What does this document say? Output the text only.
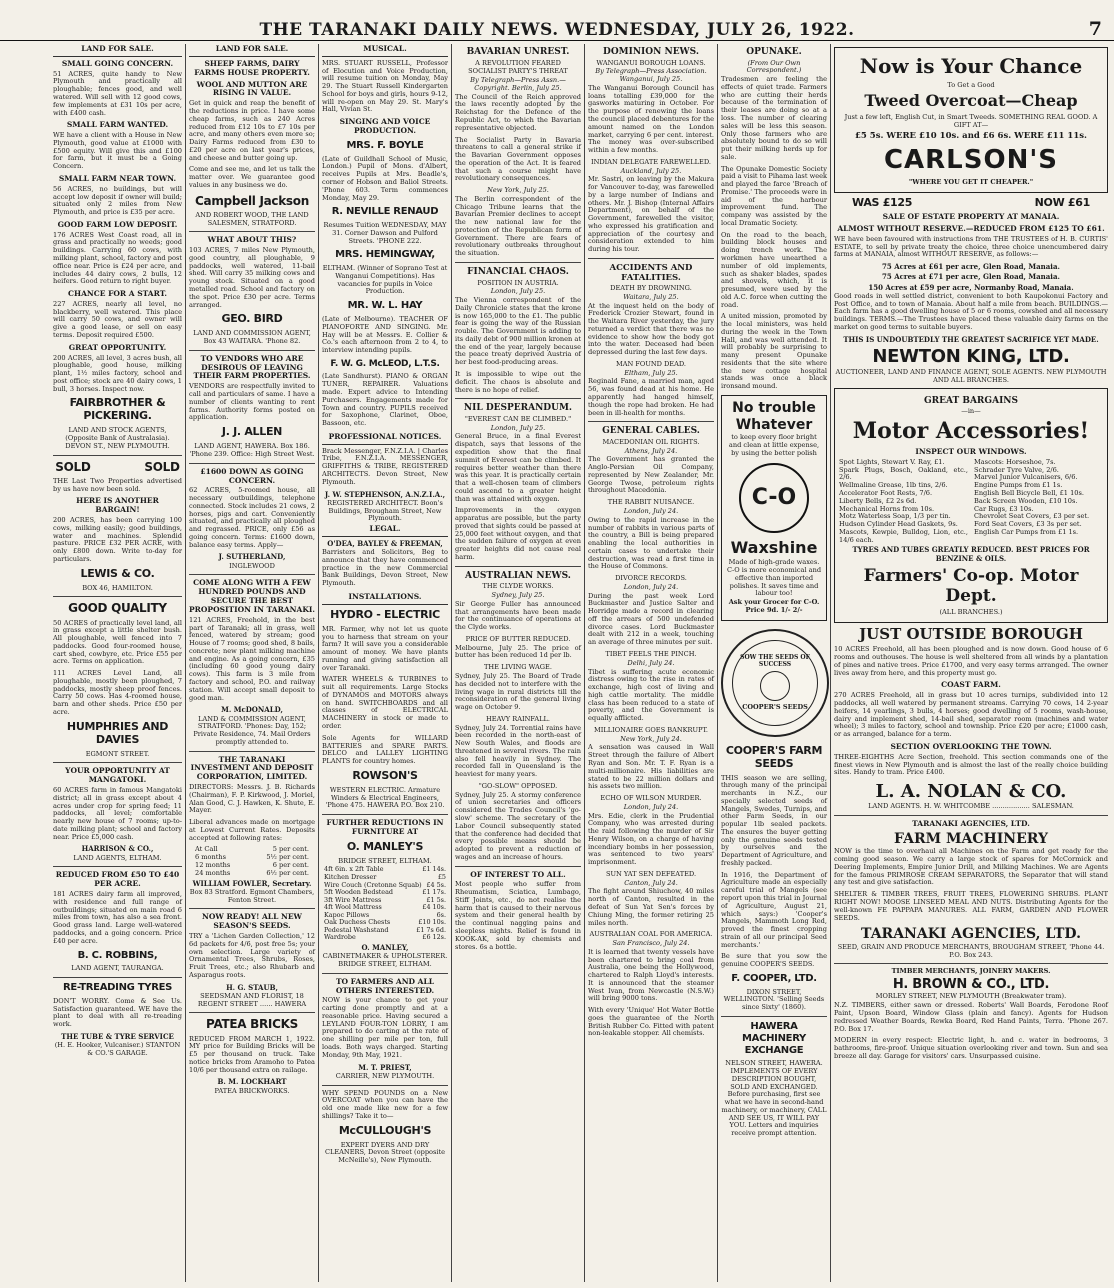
THE TARANAKI DAILY NEWS. WEDNESDAY, JULY 26, 1922.	7
LAND FOR SALE.
SMALL GOING CONCERN.
51 ACRES, quite handy to New Plymouth and practically all ploughable; fences good, and well watered. Will sell with 12 good cows, few implements at £31 10s per acre, with £400 cash.
SMALL FARM WANTED.
WE have a client with a House in New Plymouth, good value at £1000 with £500 equity. Will give this and £100 for farm, but it must be a Going Concern.
SMALL FARM NEAR TOWN.
56 ACRES, no buildings, but will accept low deposit if owner will build; situated only 2 miles from New Plymouth, and price is £35 per acre.
GOOD FARM LOW DEPOSIT.
176 ACRES West Coast road, all in grass and practically no weeds; good buildings. Carrying 60 cows, with milking plant, school, factory and post office near. Price is £24 per acre, and includes 44 dairy cows, 2 bulls, 12 heifers. Good return to right buyer.
CHANCE FOR A START.
227 ACRES, nearly all level, no blackberry, well watered. This place will carry 50 cows, and owner will give a good lease, or sell on easy terms. Deposit required £500.
GREAT OPPORTUNITY.
200 ACRES, all level, 3 acres bush, all ploughable, good house, milking plant, 1½ miles factory, school and post office; stock are 40 dairy cows, 1 bull, 3 horses. Inspect now.
FAIRBROTHER & PICKERING.
LAND AND STOCK AGENTS, (Opposite Bank of Australasia). DEVON ST., NEW PLYMOUTH.
SOLD SOLD
THE Last Two Properties advertised by us have now been sold.
HERE IS ANOTHER BARGAIN!
200 ACRES, has been carrying 100 cows, milking easily; good buildings, water and machines. Splendid pasture. PRICE £32 PER ACRE, with only £800 down. Write to-day for particulars.
LEWIS & CO.
BOX 46, HAMILTON.
GOOD QUALITY
50 ACRES of practically level land, all in grass except a little shelter bush. All ploughable, well fenced into 7 paddocks. Good four-roomed house, cart shed, cowbyre, etc. Price £55 per acre. Terms on application.
111 ACRES Level Land, all ploughable, mostly been ploughed, 7 paddocks, mostly sheep proof fences. Carry 50 cows. Has 4-roomed house, barn and other sheds. Price £50 per acre.
HUMPHRIES AND DAVIES
EGMONT STREET.
YOUR OPPORTUNITY AT MANGATOKI.
60 ACRES farm in famous Mangatoki district; all in grass except about 4 acres under crop for spring feed; 11 paddocks, all level; comfortable nearly new house of 7 rooms; up-to-date milking plant; school and factory near. Price £5,000 cash.
HARRISON & CO.,
LAND AGENTS, ELTHAM.
REDUCED FROM £50 TO £40 PER ACRE.
181 ACRES dairy farm all improved, with residence and full range of outbuildings; situated on main road 6 miles from town, has also a sea front. Good grass land. Large well-watered paddocks, and a going concern. Price £40 per acre.
B. C. ROBBINS,
LAND AGENT, TAURANGA.
RE-TREADING TYRES
DON'T WORRY. Come & See Us. Satisfaction guaranteed. WE have the plant to deal with all re-treading work.
THE TUBE & TYRE SERVICE
(H. E. Hooker, Vulcaniser.) STANTON & CO.'S GARAGE.
LAND FOR SALE.
SHEEP FARMS, DAIRY FARMS HOUSE PROPERTY.
WOOL AND MUTTON ARE RISING IN VALUE.
Get in quick and reap the benefit of the reductions in price. I have some cheap farms, such as 240 Acres reduced from £12 10s to £7 10s per acre, and many others even more so; Dairy Farms reduced from £30 to £20 per acre on last year's prices, and cheese and butter going up.
Come and see me, and let us talk the matter over. We guarantee good values in any business we do.
Campbell Jackson
AND ROBERT WOOD, THE LAND SALESMEN, STRATFORD.
WHAT ABOUT THIS?
103 ACRES, 7 miles New Plymouth, good country, all ploughable, 9 paddocks, well watered, 11-bail shed. Will carry 35 milking cows and young stock. Situated on a good metalled road. School and factory on the spot. Price £30 per acre. Terms arranged.
GEO. BIRD
LAND AND COMMISSION AGENT, Box 43 WAITARA. 'Phone 82.
TO VENDORS WHO ARE DESIROUS OF LEAVING THEIR FARM PROPERTIES.
VENDORS are respectfully invited to call and particulars of same. I have a number of clients wanting to rent farms. Authority forms posted on application.
J. J. ALLEN
LAND AGENT, HAWERA. Box 186. 'Phone 239. Office: High Street West.
£1600 DOWN AS GOING CONCERN.
62 ACRES, 5-roomed house, all necessary outbuildings, telephone connected. Stock includes 21 cows, 2 horses, pigs and cart. Conveniently situated, and practically all ploughed and regrassed. PRICE, only £56 as going concern. Terms: £1600 down, balance easy terms. Apply—
J. SUTHERLAND,
INGLEWOOD
COME ALONG WITH A FEW HUNDRED POUNDS AND SECURE THE BEST PROPOSITION IN TARANAKI.
121 ACRES, Freehold, in the best part of Taranaki; all in grass, well fenced, watered by stream; good House of 7 rooms; good shed, 8 bails, concrete; new plant milking machine and engine. As a going concern, £35 (including 60 good young dairy cows). This farm is 3 mile from factory and school, P.O. and railway station. Will accept small deposit to good man.
M. McDONALD,
LAND & COMMISSION AGENT, STRATFORD. 'Phones: Day, 152; Private Residence, 74. Mail Orders promptly attended to.
THE TARANAKI INVESTMENT AND DEPOSIT CORPORATION, LIMITED.
DIRECTORS: Messrs. J. B. Richards (Chairman), F. P. Kirkwood, J. Moriel, Alan Good, C. J. Hawken, K. Shute, E. Mayer.
Liberal advances made on mortgage at Lowest Current Rates. Deposits accepted at following rates:
At Call	5 per cent.
6 months	5½ per cent.
12 months	6 per cent.
24 months	6½ per cent.
WILLIAM FOWLER, Secretary.
Box 83 Stratford. Egmont Chambers, Fenton Street.
NOW READY! ALL NEW SEASON'S SEEDS.
TRY a 'Lichen Garden Collection,' 12 6d packets for 4/6, post free 5s; your own selection. Large variety of Ornamental Trees, Shrubs, Roses, Fruit Trees, etc.; also Rhubarb and Asparagus roots.
H. G. STAUB,
SEEDSMAN AND FLORIST, 18 REGENT STREET ...... HAWERA
PATEA BRICKS
REDUCED FROM MARCH 1, 1922. MY price for Building Bricks will be £5 per thousand on truck. Take notice bricks from Aramoho to Patea 10/6 per thousand extra on railage.
B. M. LOCKHART
PATEA BRICKWORKS.
MUSICAL.
MRS. STUART RUSSELL, Professor of Elocution and Voice Production, will resume tuition on Monday, May 29. The Stuart Russell Kindergarten School for boys and girls, hours 9-12, will re-open on May 29. St. Mary's Hall, Vivian St.
SINGING AND VOICE PRODUCTION.
MRS. F. BOYLE
(Late of Guildhall School of Music, London.) Pupil of Mons. d'Albert, receives Pupils at Mrs. Beadle's, corner of Hobson and Baliol Streets. 'Phone 603. Term commences Monday, May 29.
R. NEVILLE RENAUD
Resumes Tuition WEDNESDAY, MAY 31. Corner Dawson and Pulford Streets. 'PHONE 222.
MRS. HEMINGWAY,
ELTHAM. (Winner of Soprano Test at Wanganui Competitions). Has vacancies for pupils in Voice Production.
MR. W. L. HAY
(Late of Melbourne). TEACHER OF PIANOFORTE AND SINGING. Mr. Hay will be at Messrs. E. Collier & Co.'s each afternoon from 2 to 4, to interview intending pupils.
F. W. G. McLEOD, L.T.S.
(Late Sandhurst). PIANO & ORGAN TUNER, REPAIRER. Valuations made. Expert advice to Intending Purchasers. Engagements made for Town and country. PUPILS received for Saxophone, Clarinet, Oboe, Bassoon, etc.
PROFESSIONAL NOTICES.
Brack Messenger, F.N.Z.I.A. | Charles Tribe, F.N.Z.I.A. MESSENGER, GRIFFITHS & TRIBE, REGISTERED ARCHITECTS. Devon Street, New Plymouth.
J. W. STEPHENSON, A.N.Z.I.A.,
REGISTERED ARCHITECT. Boon's Buildings, Brougham Street, New Plymouth.
LEGAL.
O'DEA, BAYLEY & FREEMAN,
Barristers and Solicitors, Beg to announce that they have commenced practice in the new Commercial Bank Buildings, Devon Street, New Plymouth.
INSTALLATIONS.
HYDRO - ELECTRIC
MR. Farmer, why not let us quote you to harness that stream on your farm? It will save you a considerable amount of money. We have plants running and giving satisfaction all over Taranaki.
WATER WHEELS & TURBINES to suit all requirements. Large Stocks of DYNAMOS and MOTORS always on hand. SWITCHBOARDS and all classes of ELECTRICAL MACHINERY in stock or made to order.
Sole Agents for WILLARD BATTERIES and SPARE PARTS. DELCO and LALLEY LIGHTING PLANTS for country homes.
ROWSON'S
WESTERN ELECTRIC. Armature Winders & Electrical Engineers, 'Phone 475. HAWERA P.O. Box 210.
FURTHER REDUCTIONS IN FURNITURE AT
O. MANLEY'S
BRIDGE STREET, ELTHAM.
4ft 6in. x 2ft Table	£1 14s.
Kitchen Dresser	£5
Wire Couch (Cretonne Squab) £4 5s.
5ft Wooden Bedstead	£1 17s.
3ft Wire Mattress	£1 5s.
4ft Wool Mattress	£4 10s.
Kapoc Pillows	6s.
Oak Duchess Chests	£10 10s.
Pedestal Washstand	£1 7s 6d.
Wardrobe	£6 12s.
O. MANLEY,
CABINETMAKER & UPHOLSTERER. BRIDGE STREET, ELTHAM.
TO FARMERS AND ALL OTHERS INTERESTED.
NOW is your chance to get your carting done promptly and at a reasonable price. Having secured a LEYLAND FOUR-TON LORRY, I am prepared to do carting at the rate of one shilling per mile per ton, full loads. Both ways charged. Starting Monday, 9th May, 1921.
M. T. PRIEST,
CARRIER, NEW PLYMOUTH.
WHY SPEND POUNDS on a New OVERCOAT when you can have the old one made like new for a few shillings? Take it to—
McCULLOUGH'S
EXPERT DYERS AND DRY CLEANERS, Devon Street (opposite McNeille's), New Plymouth.
BAVARIAN UNREST.
A REVOLUTION FEARED
SOCIALIST PARTY'S THREAT
By Telegraph—Press Assn.—Copyright. Berlin, July 25.
The Council of the Reich approved the laws recently adopted by the Reichstag for the Defence of the Republic Act, to which the Bavarian representative objected.
The Socialist Party in Bavaria threatens to call a general strike if the Bavarian Government opposes the operation of the Act. It is feared that such a course might have revolutionary consequences.
New York, July 25.
The Berlin correspondent of the Chicago Tribune learns that the Bavarian Premier declines to accept the new national law for the protection of the Republican form of Government. There are fears of revolutionary outbreaks throughout the situation.
FINANCIAL CHAOS.
POSITION IN AUSTRIA.
London, July 25.
The Vienna correspondent of the Daily Chronicle states that the krone is now 165,000 to the £1. The public fear is going the way of the Russian rouble. The Government is adding to its daily debt of 900 million kronen at the end of the year, largely because the peace treaty deprived Austria of her best food-producing areas.
It is impossible to wipe out the deficit. The chaos is absolute and there is no hope of relief.
NIL DESPERANDUM.
"EVEREST CAN BE CLIMBED."
London, July 25.
General Bruce, in a final Everest dispatch, says that lessons of the expedition show that the final summit of Everest can be climbed. It requires better weather than there was this year. It is practically certain that a well-chosen team of climbers could ascend to a greater height than was attained with oxygen.
Improvements in the oxygen apparatus are possible, but the party proved that sights could be passed at 25,000 feet without oxygen, and that the sudden failure of oxygen at even greater heights did not cause real harm.
AUSTRALIAN NEWS.
THE CLYDE WORKS.
Sydney, July 25.
Sir George Fuller has announced that arrangements have been made for the continuance of operations at the Clyde works.
PRICE OF BUTTER REDUCED.
Melbourne, July 25. The price of butter has been reduced 1d per lb.
THE LIVING WAGE.
Sydney, July 25. The Board of Trade has decided not to interfere with the living wage in rural districts till the reconsideration of the general living wage on October 9.
HEAVY RAINFALL.
Sydney, July 24. Torrential rains have been recorded in the north-east of New South Wales, and floods are threatened in several rivers. The rain also fell heavily in Sydney. The recorded fall in Queensland is the heaviest for many years.
"GO-SLOW" OPPOSED.
Sydney, July 25. A stormy conference of union secretaries and officers considered the Trades Council's 'go-slow' scheme. The secretary of the Labor Council subsequently stated that the conference had decided that every possible means should be adopted to prevent a reduction of wages and an increase of hours.
OF INTEREST TO ALL.
Most people who suffer from Rheumatism, Sciatica, Lumbago, Stiff Joints, etc., do not realise the harm that is caused to their nervous system and their general health by the continual nagging pains and sleepless nights. Relief is found in KOOK-AK, sold by chemists and stores. 6s a bottle.
DOMINION NEWS.
WANGANUI BOROUGH LOANS.
By Telegraph—Press Association. Wanganui, July 25.
The Wanganui Borough Council has loans totalling £39,000 for the gasworks maturing in October. For the purpose of renewing the loans the council placed debentures for the amount named on the London market, carrying 6 per cent. interest. The money was over-subscribed within a few months.
INDIAN DELEGATE FAREWELLED.
Auckland, July 25.
Mr. Sastri, on leaving by the Makura for Vancouver to-day, was farewelled by a large number of Indians and others. Mr. J. Bishop (Internal Affairs Department), on behalf of the Government, farewelled the visitor, who expressed his gratification and appreciation of the courtesy and consideration extended to him during his tour.
ACCIDENTS AND FATALITIES.
DEATH BY DROWNING.
Waitara, July 25.
At the inquest held on the body of Frederick Crozier Stewart, found in the Waitara River yesterday, the jury returned a verdict that there was no evidence to show how the body got into the water. Deceased had been depressed during the last few days.
MAN FOUND DEAD.
Eltham, July 25.
Reginald Fane, a married man, aged 56, was found dead at his home. He apparently had hanged himself, though the rope had broken. He had been in ill-health for months.
GENERAL CABLES.
MACEDONIAN OIL RIGHTS.
Athens, July 24.
The Government has granted the Anglo-Persian Oil Company, represented by New Zealander, Mr. George Twose, petroleum rights throughout Macedonia.
THE RABBIT NUISANCE.
London, July 24.
Owing to the rapid increase in the number of rabbits in various parts of the country, a Bill is being prepared enabling the local authorities in certain cases to undertake their destruction, was read a first time in the House of Commons.
DIVORCE RECORDS.
London, July 24.
During the past week Lord Buckmaster and Justice Salter and Horridge made a record in clearing off the arrears of 500 undefended divorce cases. Lord Buckmaster dealt with 212 in a week, touching an average of three minutes per suit.
TIBET FEELS THE PINCH.
Delhi, July 24.
Tibet is suffering acute economic distress owing to the rise in rates of exchange, high cost of living and high cattle mortality. The middle class has been reduced to a state of poverty, and the Government is equally afflicted.
MILLIONAIRE GOES BANKRUPT.
New York, July 24.
A sensation was caused in Wall Street through the failure of Albert Ryan and Son. Mr. T. F. Ryan is a multi-millionaire. His liabilities are stated to be 22 million dollars and his assets two million.
ECHO OF WILSON MURDER.
London, July 24.
Mrs. Edie, clerk in the Prudential Company, who was arrested during the raid following the murder of Sir Henry Wilson, on a charge of having incendiary bombs in her possession, was sentenced to two years' imprisonment.
SUN YAT SEN DEFEATED.
Canton, July 24.
The fight around Shiuchow, 40 miles north of Canton, resulted in the defeat of Sun Yat Sen's forces by Chiung Ming, the former retiring 25 miles north.
AUSTRALIAN COAL FOR AMERICA.
San Francisco, July 24.
It is learned that twenty vessels have been chartered to bring coal from Australia, one being the Hollywood, chartered to Ralph Lloyd's interests. It is announced that the steamer West Ivan, from Newcastle (N.S.W.) will bring 9000 tons.
With every 'Unique' Hot Water Bottle goes the guarantee of the North British Rubber Co. Fitted with patent non-leakable stopper. All chemists.
OPUNAKE.
(From Our Own Correspondent.)
Tradesmen are feeling the effects of quiet trade. Farmers who are cutting their herds because of the termination of their leases are doing so at a loss. The number of clearing sales will be less this season. Only those farmers who are absolutely bound to do so will put their milking herds up for sale.
The Opunake Domestic Society paid a visit to Pihama last week and played the farce 'Breach of Promise.' The proceeds were in aid of the harbour improvement fund. The company was assisted by the local Dramatic Society.
On the road to the beach, building block houses and doing trench work. The workmen have unearthed a number of old implements, such as shaker blades, spades and shovels, which, it is presumed, were used by the old A.C. force when cutting the road.
A united mission, promoted by the local ministers, was held during the week in the Town Hall, and was well attended. It will probably be surprising to many present Opunake residents that the site where the new cottage hospital stands was once a black ironsand mound.
No trouble Whatever
to keep every floor bright and clean at little expense, by using the better polish
C-O
Waxshine
Made of high-grade waxes. C-O is more economical and effective than imported polishes. It saves time and labour too!
Ask your Grocer for C-O. Price 9d. 1/- 2/-
SOW THE SEEDS OF SUCCESS
COOPER'S SEEDS
COOPER'S FARM SEEDS
THIS season we are selling, through many of the principal merchants in N.Z., our specially selected seeds of Mangels, Swedes, Turnips, and other Farm Seeds, in our popular 1lb sealed packets. The ensures the buyer getting only the genuine seeds tested by ourselves and the Department of Agriculture, and freshly packed.
In 1916, the Department of Agriculture made an especially careful trial of Mangels (see report upon this trial in Journal of Agriculture, August 21, which says:) 'Cooper's Mangels, Mammoth Long Red, proved the finest cropping strain of all our principal Seed merchants.'
Be sure that you sow the genuine COOPER'S SEEDS.
F. COOPER, LTD.
DIXON STREET, WELLINGTON. 'Selling Seeds since Sixty' (1860).
HAWERA MACHINERY EXCHANGE
NELSON STREET, HAWERA. IMPLEMENTS OF EVERY DESCRIPTION BOUGHT, SOLD AND EXCHANGED. Before purchasing, first see what we have in second-hand machinery, or machinery, CALL AND SEE US, IT WILL PAY YOU. Letters and inquiries receive prompt attention.
Now is Your Chance
To Get a Good
Tweed Overcoat—Cheap
Just a few left, English Cut, in Smart Tweeds. SOMETHING REAL GOOD. A GIFT AT—
£5 5s. WERE £10 10s. and £6 6s. WERE £11 11s.
CARLSON'S
"WHERE YOU GET IT CHEAPER."
WAS £125	NOW £61
SALE OF ESTATE PROPERTY AT MANAIA.
ALMOST WITHOUT RESERVE.—REDUCED FROM £125 TO £61.
WE have been favoured with instructions from THE TRUSTEES of H. B. CURTIS' ESTATE, to sell by private treaty the choice, three choice unencumbered dairy farms at MANAIA, almost WITHOUT RESERVE, as follows:—
75 Acres at £61 per acre, Glen Road, Manaia.
75 Acres at £71 per acre, Glen Road, Manaia.
150 Acres at £59 per acre, Normanby Road, Manaia.
Good roads in well settled district, convenient to both Kaupokonui Factory and Post Office, and to town of Manaia. About half a mile from beach. BUILDINGS.—Each farm has a good dwelling house of 5 or 6 rooms, cowshed and all necessary buildings. TERMS.—The Trustees have placed these valuable dairy farms on the market on good terms to suitable buyers.
THIS IS UNDOUBTEDLY THE GREATEST SACRIFICE YET MADE.
NEWTON KING, LTD.
AUCTIONEER, LAND AND FINANCE AGENT, SOLE AGENTS. NEW PLYMOUTH AND ALL BRANCHES.
GREAT BARGAINS
—in—
Motor Accessories!
INSPECT OUR WINDOWS.
Spot Lights, Stewart V. Ray, £1.
Spark Plugs, Bosch, Oakland, etc., 2/6.
Wellmaline Grease, 1lb tins, 2/6.
Accelerator Foot Rests, 7/6.
Liberty Bells, £2 2s 6d.
Mechanical Horns from 10s.
Motz Waterless Soap, 1/3 per tin.
Hudson Cylinder Head Gaskets, 9s.
Mascots, Kewpie, Bulldog, Lion, etc., 14/6 each.
Mascots: Horseshoe, 7s.
Schrader Tyre Valve, 2/6.
Marvel Junior Vulcanisers, 6/6.
Engine Pumps from £1 1s.
English Bell Bicycle Bell, £1 10s.
Back Screen Wooden, £10 10s.
Car Rugs, £3 10s.
Chevrolet Seat Covers, £3 per set.
Ford Seat Covers, £3 3s per set.
English Car Pumps from £1 1s.
TYRES AND TUBES GREATLY REDUCED. BEST PRICES FOR BENZINE & OILS.
Farmers' Co-op. Motor Dept.
(ALL BRANCHES.)
JUST OUTSIDE BOROUGH
10 ACRES Freehold, all has been ploughed and is now down. Good house of 6 rooms and outhouses. The house is well sheltered from all winds by a plantation of pines and native trees. Price £1700, and very easy terms arranged. The owner lives away from here, and this property must go.
COAST FARM.
270 ACRES Freehold, all in grass but 10 acres turnips, subdivided into 12 paddocks, all well watered by permanent streams. Carrying 70 cows, 14 2-year heifers, 14 yearlings, 3 bulls, 4 horses; good dwelling of 5 rooms, wash-house, dairy and implement shed, 14-bail shed, separator room (machines and water wheel); 3 miles to factory, school and township. Price £20 per acre; £1000 cash, or as arranged, balance for a term.
SECTION OVERLOOKING THE TOWN.
THREE-EIGHTHS Acre Section, freehold. This section commands one of the finest views in New Plymouth and is almost the last of the really choice building sites. Handy to tram. Price £400.
L. A. NOLAN & CO.
LAND AGENTS. H. W. WHITCOMBE .................. SALESMAN.
TARANAKI AGENCIES, LTD.
FARM MACHINERY
NOW is the time to overhaul all Machines on the Farm and get ready for the coming good season. We carry a large stock of spares for McCormick and Deering Implements, Empire Junior Drill, and Milking Machines. We are Agents for the famous PRIMROSE CREAM SEPARATORS, the Separator that will stand any test and give satisfaction.
SHELTER & TIMBER TREES, FRUIT TREES, FLOWERING SHRUBS. PLANT RIGHT NOW! MOOSE LINSEED MEAL AND NUTS. Distributing Agents for the well-known FE PAPPAPA MANURES. ALL FARM, GARDEN AND FLOWER SEEDS.
TARANAKI AGENCIES, LTD.
SEED, GRAIN AND PRODUCE MERCHANTS, BROUGHAM STREET, 'Phone 44. P.O. Box 243.
TIMBER MERCHANTS, JOINERY MAKERS.
H. BROWN & CO., LTD.
MORLEY STREET, NEW PLYMOUTH (Breakwater tram).
N.Z. TIMBERS, either sawn or dressed. Roberts' Wall Boards, Ferodone Roof Paint, Upson Board, Window Glass (plain and fancy). Agents for Hudson redressed Weather Boards, Rewka Board, Red Hand Paints, Terra. 'Phone 267. P.O. Box 17.
MODERN in every respect: Electric light, h. and c. water in bedrooms, 3 bathrooms, fire-proof. Unique situation overlooking river and town. Sun and sea breeze all day. Garage for visitors' cars. Unsurpassed cuisine.
